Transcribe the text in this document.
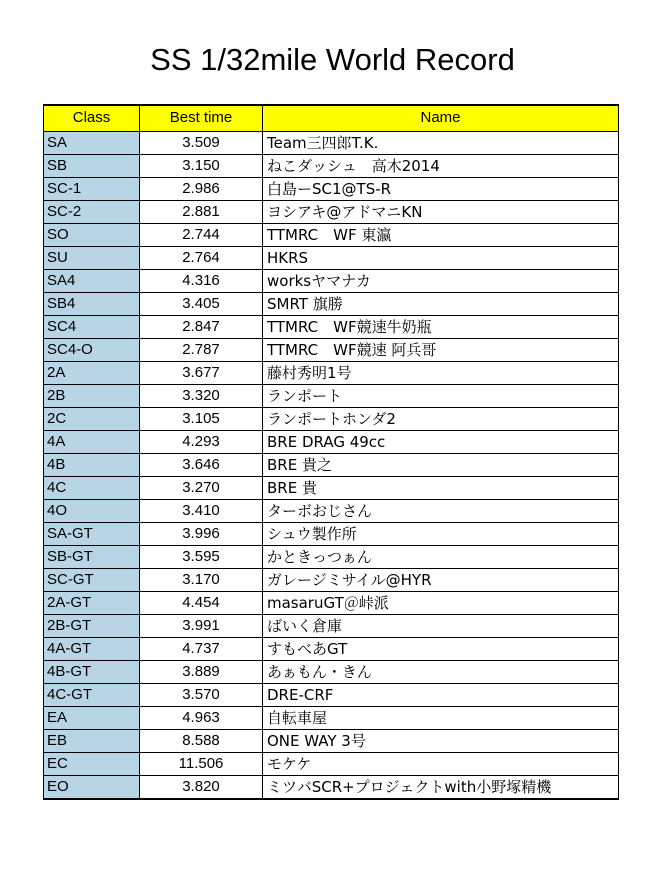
SS 1/32mile World Record
Class	Best time	Name
SA	3.509	Team三四郎T.K.
SB	3.150	ねこダッシュ　高木2014
SC-1	2.986	白島ーSC1@TS-R
SC-2	2.881	ヨシアキ@アドマニKN
SO	2.744	TTMRC　WF 東瀛
SU	2.764	HKRS
SA4	4.316	worksヤマナカ
SB4	3.405	SMRT 旗勝
SC4	2.847	TTMRC　WF競速牛奶瓶
SC4-O	2.787	TTMRC　WF競速 阿兵哥
2A	3.677	藤村秀明1号
2B	3.320	ランポート
2C	3.105	ランポートホンダ2
4A	4.293	BRE DRAG 49cc
4B	3.646	BRE 貴之
4C	3.270	BRE 貴
4O	3.410	ターボおじさん
SA-GT	3.996	シュウ製作所
SB-GT	3.595	かときっつぁん
SC-GT	3.170	ガレージミサイル@HYR
2A-GT	4.454	masaruGT＠峠派
2B-GT	3.991	ばいく倉庫
4A-GT	4.737	すもべあGT
4B-GT	3.889	あぁもん・きん
4C-GT	3.570	DRE-CRF
EA	4.963	自転車屋
EB	8.588	ONE WAY 3号
EC	11.506	モケケ
EO	3.820	ミツバSCR+プロジェクトwith小野塚精機
